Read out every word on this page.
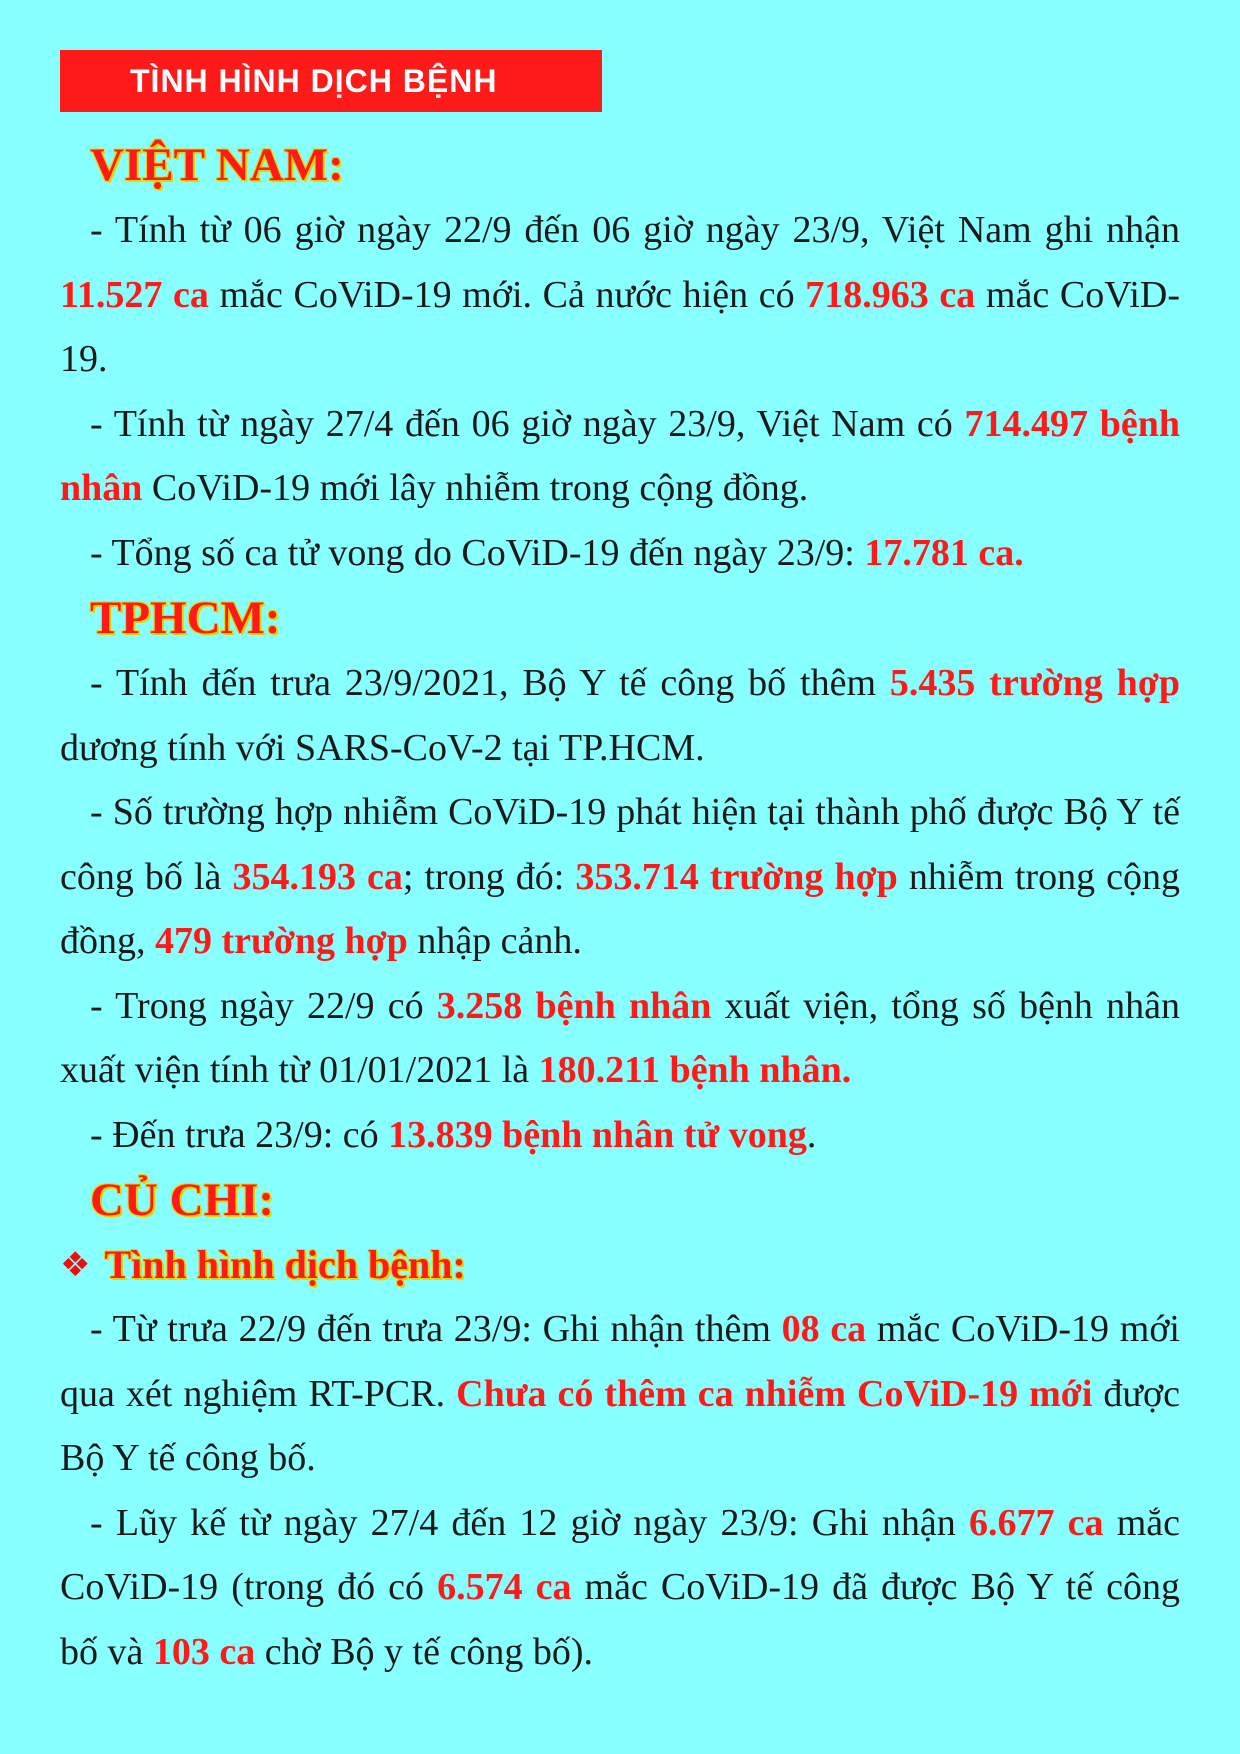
TÌNH HÌNH DỊCH BỆNH
VIỆT NAM:

- Tính từ 06 giờ ngày 22/9 đến 06 giờ ngày 23/9, Việt Nam ghi nhận 11.527 ca mắc CoViD-19 mới. Cả nước hiện có 718.963 ca mắc CoViD-19.

- Tính từ ngày 27/4 đến 06 giờ ngày 23/9, Việt Nam có 714.497 bệnh nhân CoViD-19 mới lây nhiễm trong cộng đồng.

- Tổng số ca tử vong do CoViD-19 đến ngày 23/9: 17.781 ca.

TPHCM:

- Tính đến trưa 23/9/2021, Bộ Y tế công bố thêm 5.435 trường hợp dương tính với SARS-CoV-2 tại TP.HCM.

- Số trường hợp nhiễm CoViD-19 phát hiện tại thành phố được Bộ Y tế công bố là 354.193 ca; trong đó: 353.714 trường hợp nhiễm trong cộng đồng, 479 trường hợp nhập cảnh.

- Trong ngày 22/9 có 3.258 bệnh nhân xuất viện, tổng số bệnh nhân xuất viện tính từ 01/01/2021 là 180.211 bệnh nhân.

- Đến trưa 23/9: có 13.839 bệnh nhân tử vong.

CỦ CHI:
❖ Tình hình dịch bệnh:

- Từ trưa 22/9 đến trưa 23/9: Ghi nhận thêm 08 ca mắc CoViD-19 mới qua xét nghiệm RT-PCR. Chưa có thêm ca nhiễm CoViD-19 mới được Bộ Y tế công bố.

- Lũy kế từ ngày 27/4 đến 12 giờ ngày 23/9: Ghi nhận 6.677 ca mắc CoViD-19 (trong đó có 6.574 ca mắc CoViD-19 đã được Bộ Y tế công bố và 103 ca chờ Bộ y tế công bố).
